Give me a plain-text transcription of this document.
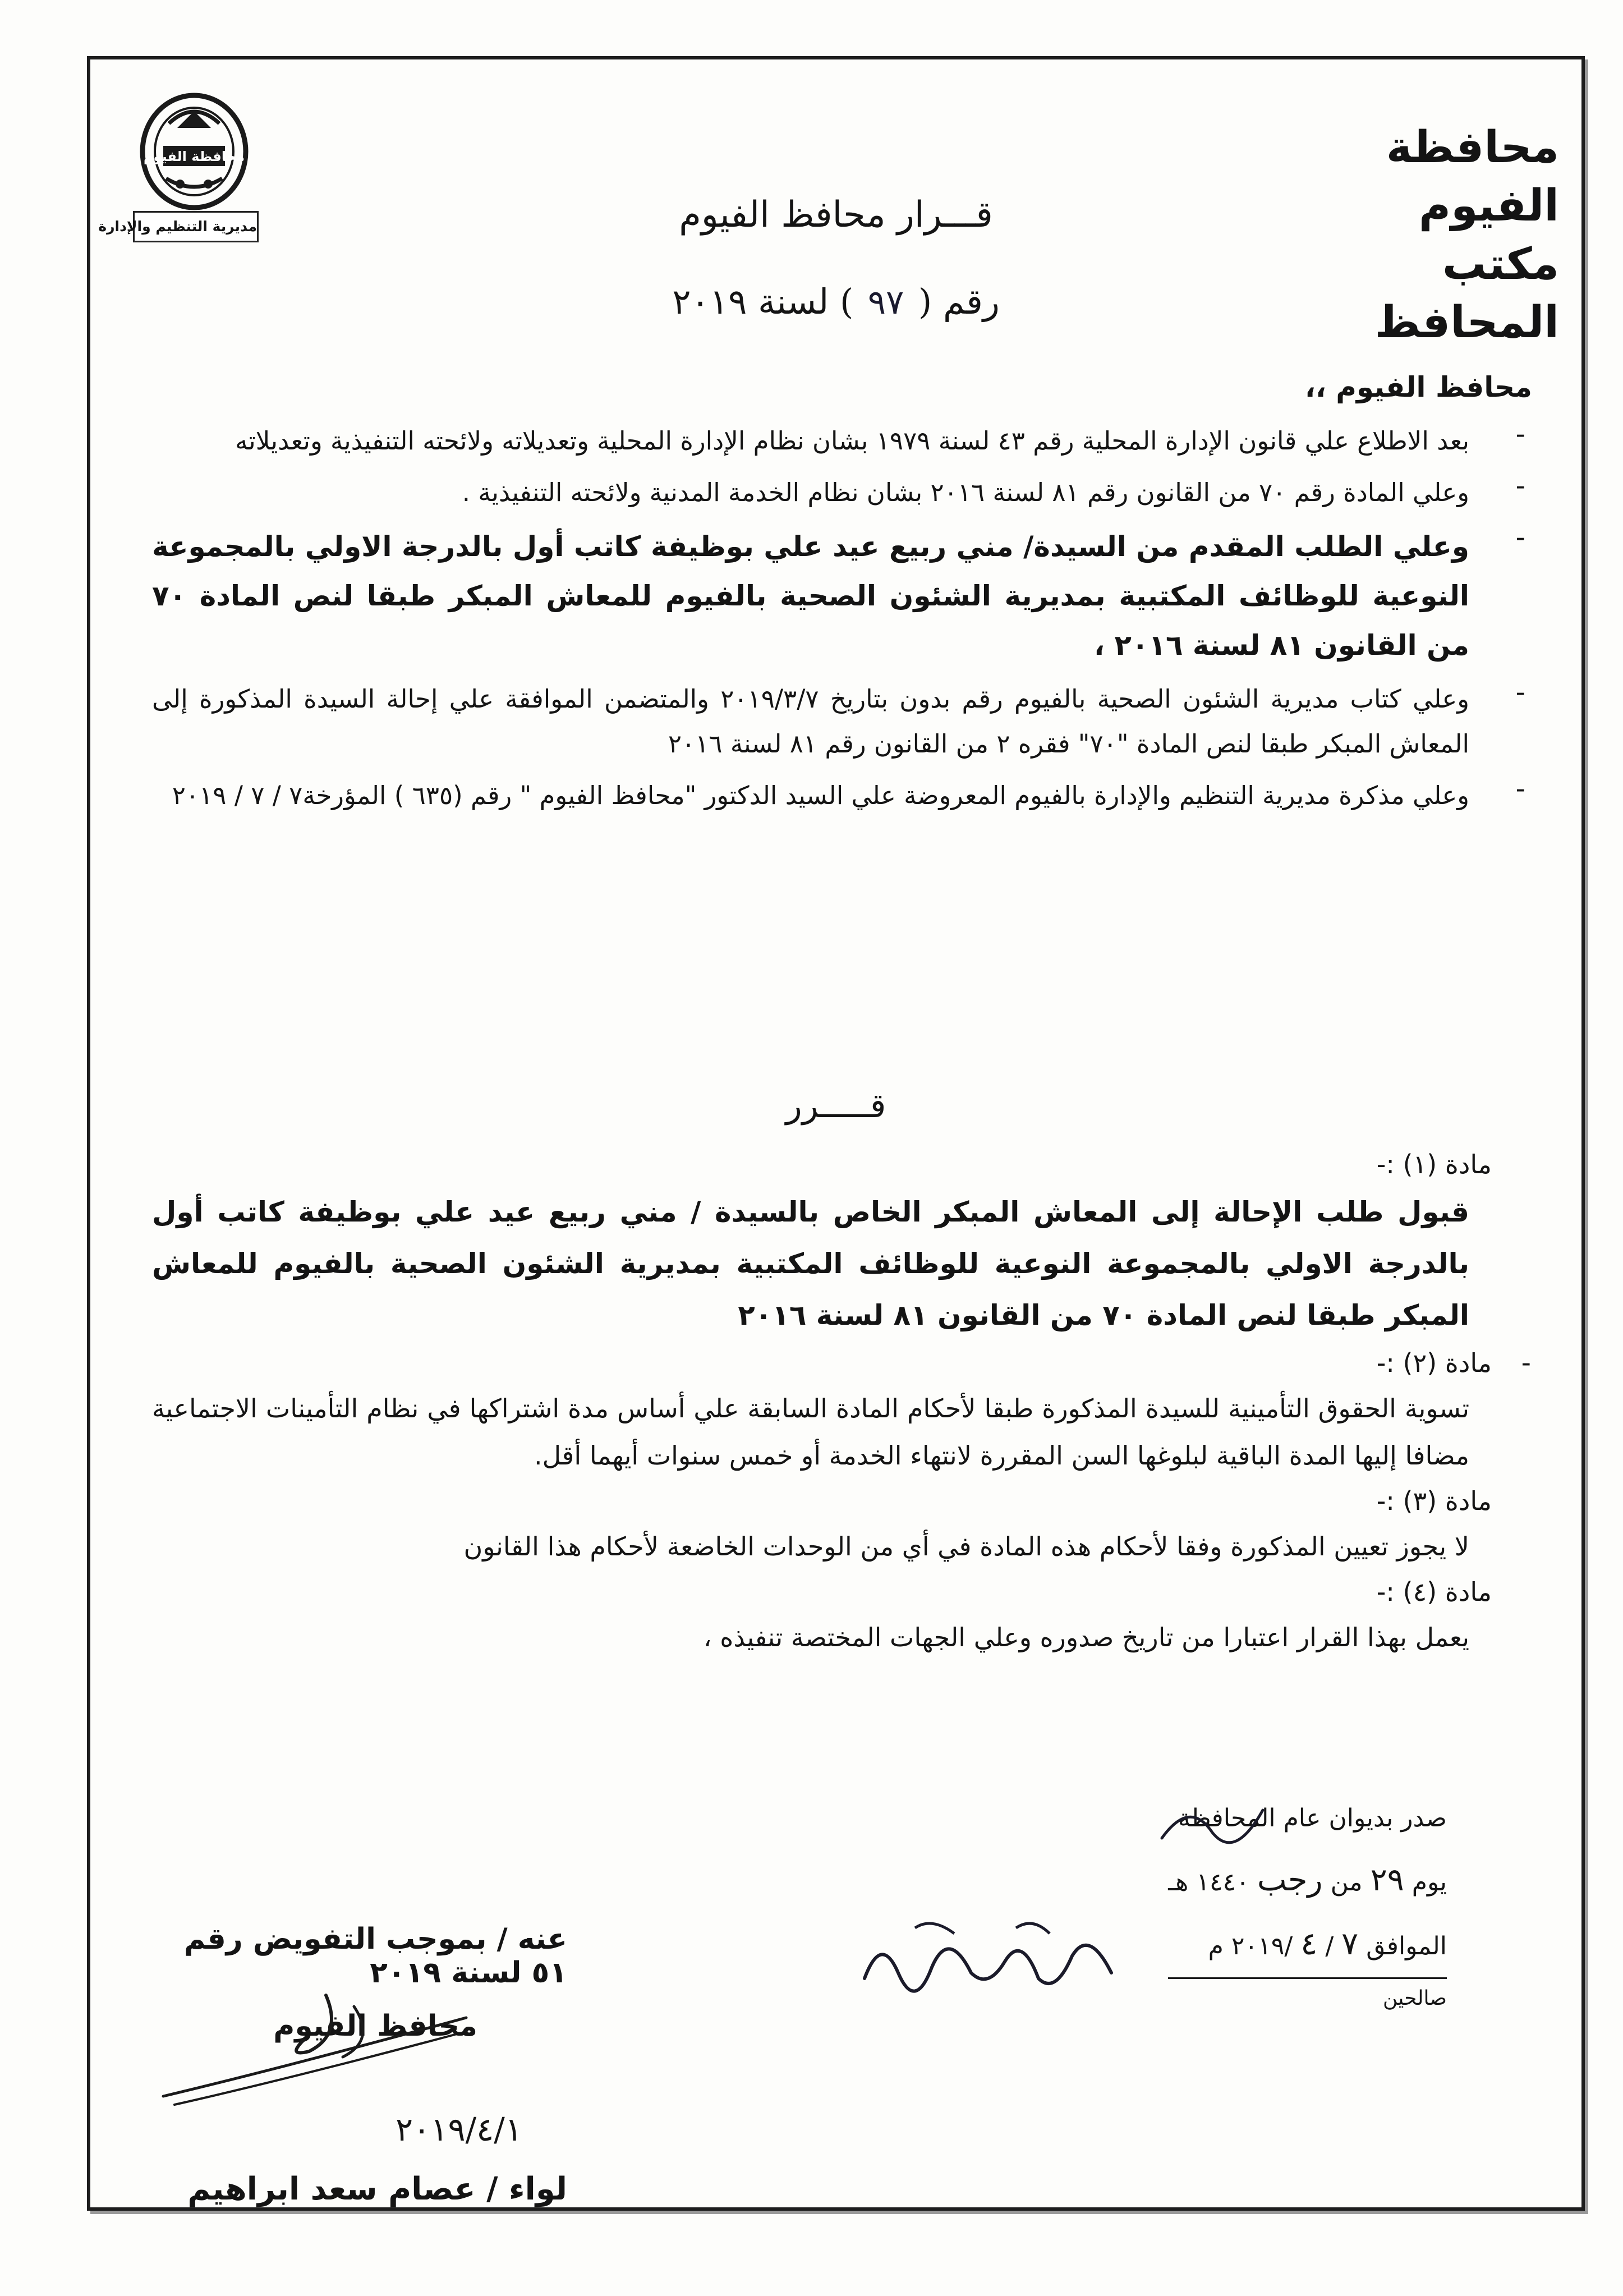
محافظة الفيوم
مكتب المحافظ
محافظة الفيوم
مديرية التنظيم والإدارة	قـــرار محافظ الفيوم
رقم ( ٩٧ ) لسنة ٢٠١٩
محافظ الفيوم ،،
-

بعد الاطلاع علي قانون الإدارة المحلية رقم ٤٣ لسنة ١٩٧٩ بشان نظام الإدارة المحلية وتعديلاته ولائحته التنفيذية وتعديلاته

-

وعلي المادة رقم ٧٠ من القانون رقم ٨١ لسنة ٢٠١٦ بشان نظام الخدمة المدنية ولائحته التنفيذية .

-

وعلي الطلب المقدم من السيدة/ مني ربيع عيد علي بوظيفة كاتب أول بالدرجة الاولي بالمجموعة النوعية للوظائف المكتبية بمديرية الشئون الصحية بالفيوم للمعاش المبكر طبقا لنص المادة ٧٠ من القانون ٨١ لسنة ٢٠١٦ ،

-

وعلي كتاب مديرية الشئون الصحية بالفيوم رقم بدون بتاريخ ٢٠١٩/٣/٧ والمتضمن الموافقة علي إحالة السيدة المذكورة إلى المعاش المبكر طبقا لنص المادة "٧٠" فقره ٢ من القانون رقم ٨١ لسنة ٢٠١٦

-

وعلي مذكرة مديرية التنظيم والإدارة بالفيوم المعروضة علي السيد الدكتور "محافظ الفيوم " رقم (٦٣٥ ) المؤرخة٧ / ٧ / ٢٠١٩

قـــــرر
مادة (١) :-

قبول طلب الإحالة إلى المعاش المبكر الخاص بالسيدة / مني ربيع عيد علي بوظيفة كاتب أول بالدرجة الاولي بالمجموعة النوعية للوظائف المكتبية بمديرية الشئون الصحية بالفيوم للمعاش المبكر طبقا لنص المادة ٧٠ من القانون ٨١ لسنة ٢٠١٦

-
مادة (٢) :-

تسوية الحقوق التأمينية للسيدة المذكورة طبقا لأحكام المادة السابقة علي أساس مدة اشتراكها في نظام التأمينات الاجتماعية مضافا إليها المدة الباقية لبلوغها السن المقررة لانتهاء الخدمة أو خمس سنوات أيهما أقل.

مادة (٣) :-

لا يجوز تعيين المذكورة وفقا لأحكام هذه المادة في أي من الوحدات الخاضعة لأحكام هذا القانون

مادة (٤) :-

يعمل بهذا القرار اعتبارا من تاريخ صدوره وعلي الجهات المختصة تنفيذه ،

صدر بديوان عام المحافظة
يوم ٢٩ من رجب ١٤٤٠ هـ
الموافق ٧ / ٤ /٢٠١٩ م
صالحين
عنه / بموجب التفويض رقم ٥١ لسنة ٢٠١٩
محافظ الفيوم
٢٠١٩/٤/١
لواء / عصام سعد ابراهيم
